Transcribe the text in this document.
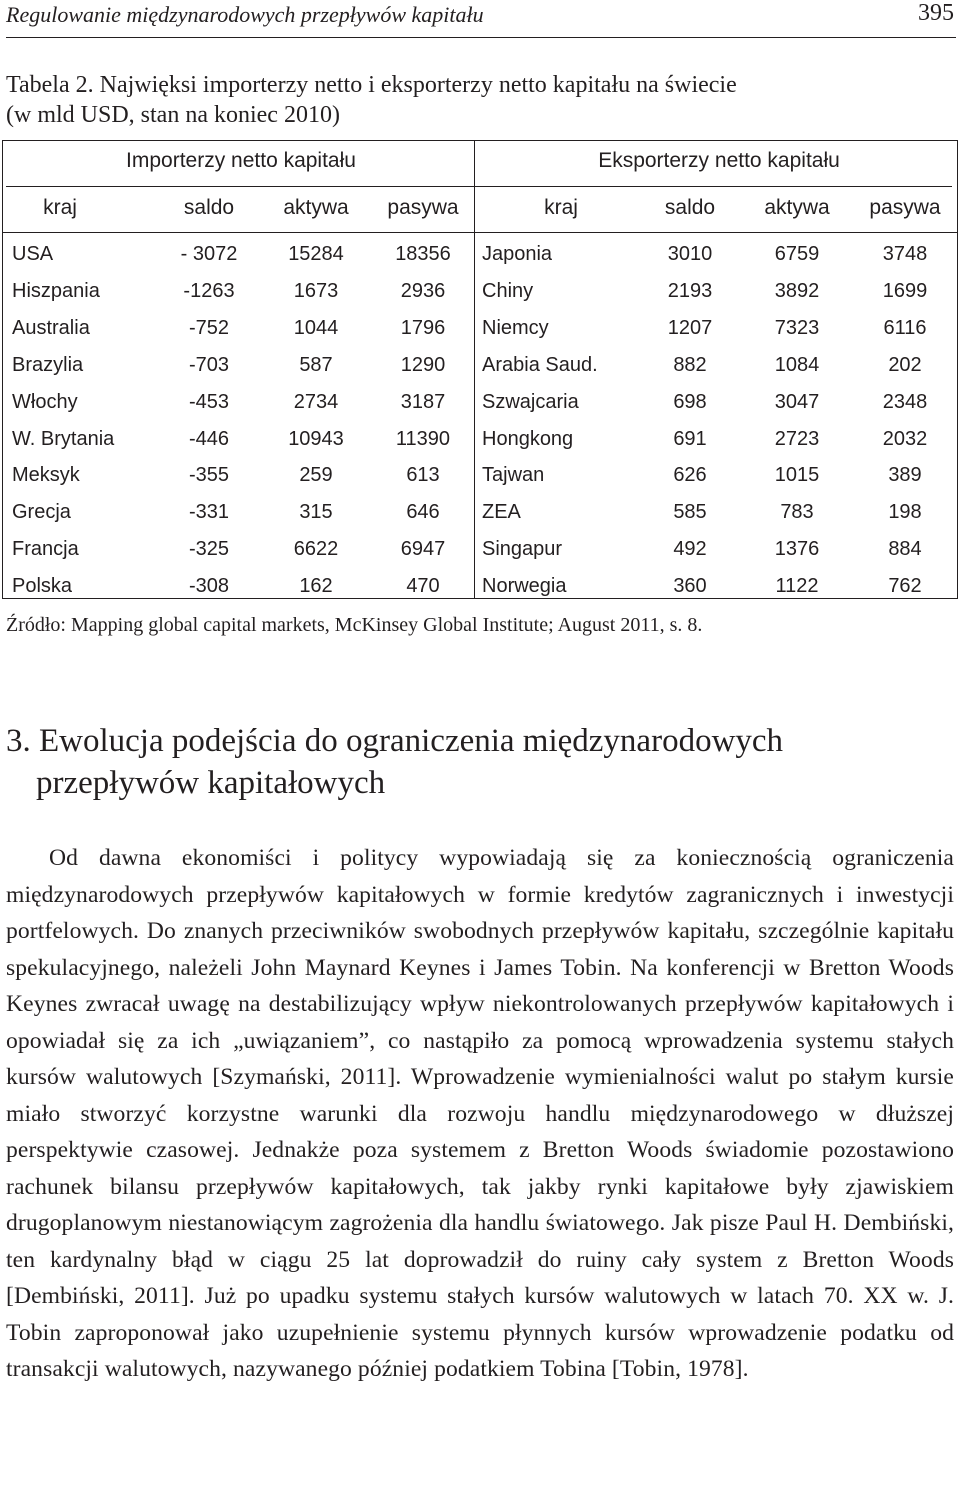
Regulowanie międzynarodowych przepływów kapitału	395
Tabela 2. Najwięksi importerzy netto i eksporterzy netto kapitału na świecie
(w mld USD, stan na koniec 2010)
Importerzy netto kapitału	Eksporterzy netto kapitału
kraj	saldo	aktywa	pasywa	kraj	saldo	aktywa	pasywa
USA	- 3072	15284	18356	Japonia	3010	6759	3748
Hiszpania	-1263	1673	2936	Chiny	2193	3892	1699
Australia	-752	1044	1796	Niemcy	1207	7323	6116
Brazylia	-703	587	1290	Arabia Saud.	882	1084	202
Włochy	-453	2734	3187	Szwajcaria	698	3047	2348
W. Brytania	-446	10943	11390	Hongkong	691	2723	2032
Meksyk	-355	259	613	Tajwan	626	1015	389
Grecja	-331	315	646	ZEA	585	783	198
Francja	-325	6622	6947	Singapur	492	1376	884
Polska	-308	162	470	Norwegia	360	1122	762
Źródło: Mapping global capital markets, McKinsey Global Institute; August 2011, s. 8.
3. Ewolucja podejścia do ograniczenia międzynarodowych
przepływów kapitałowych

Od dawna ekonomiści i politycy wypowiadają się za koniecznością ograniczenia międzynarodowych przepływów kapitałowych w formie kredytów zagranicznych i inwestycji portfelowych. Do znanych przeciwników swobodnych przepływów kapitału, szczególnie kapitału spekulacyjnego, należeli John Maynard Keynes i James Tobin. Na konferencji w Bretton Woods Keynes zwracał uwagę na destabilizujący wpływ niekontrolowanych przepływów kapitałowych i opowiadał się za ich „uwiązaniem”, co nastąpiło za pomocą wprowadzenia systemu stałych kursów walutowych [Szymański, 2011]. Wprowadzenie wymienialności walut po stałym kursie miało stworzyć korzystne warunki dla rozwoju handlu międzynarodowego w dłuższej perspektywie czasowej. Jednakże poza systemem z Bretton Woods świadomie pozostawiono rachunek bilansu przepływów kapitałowych, tak jakby rynki kapitałowe były zjawiskiem drugoplanowym niestanowiącym zagrożenia dla handlu światowego. Jak pisze Paul H. Dembiński, ten kardynalny błąd w ciągu 25 lat doprowadził do ruiny cały system z Bretton Woods [Dembiński, 2011]. Już po upadku systemu stałych kursów walutowych w latach 70. XX w. J. Tobin zaproponował jako uzupełnienie systemu płynnych kursów wprowadzenie podatku od transakcji walutowych, nazywanego później podatkiem Tobina [Tobin, 1978].
